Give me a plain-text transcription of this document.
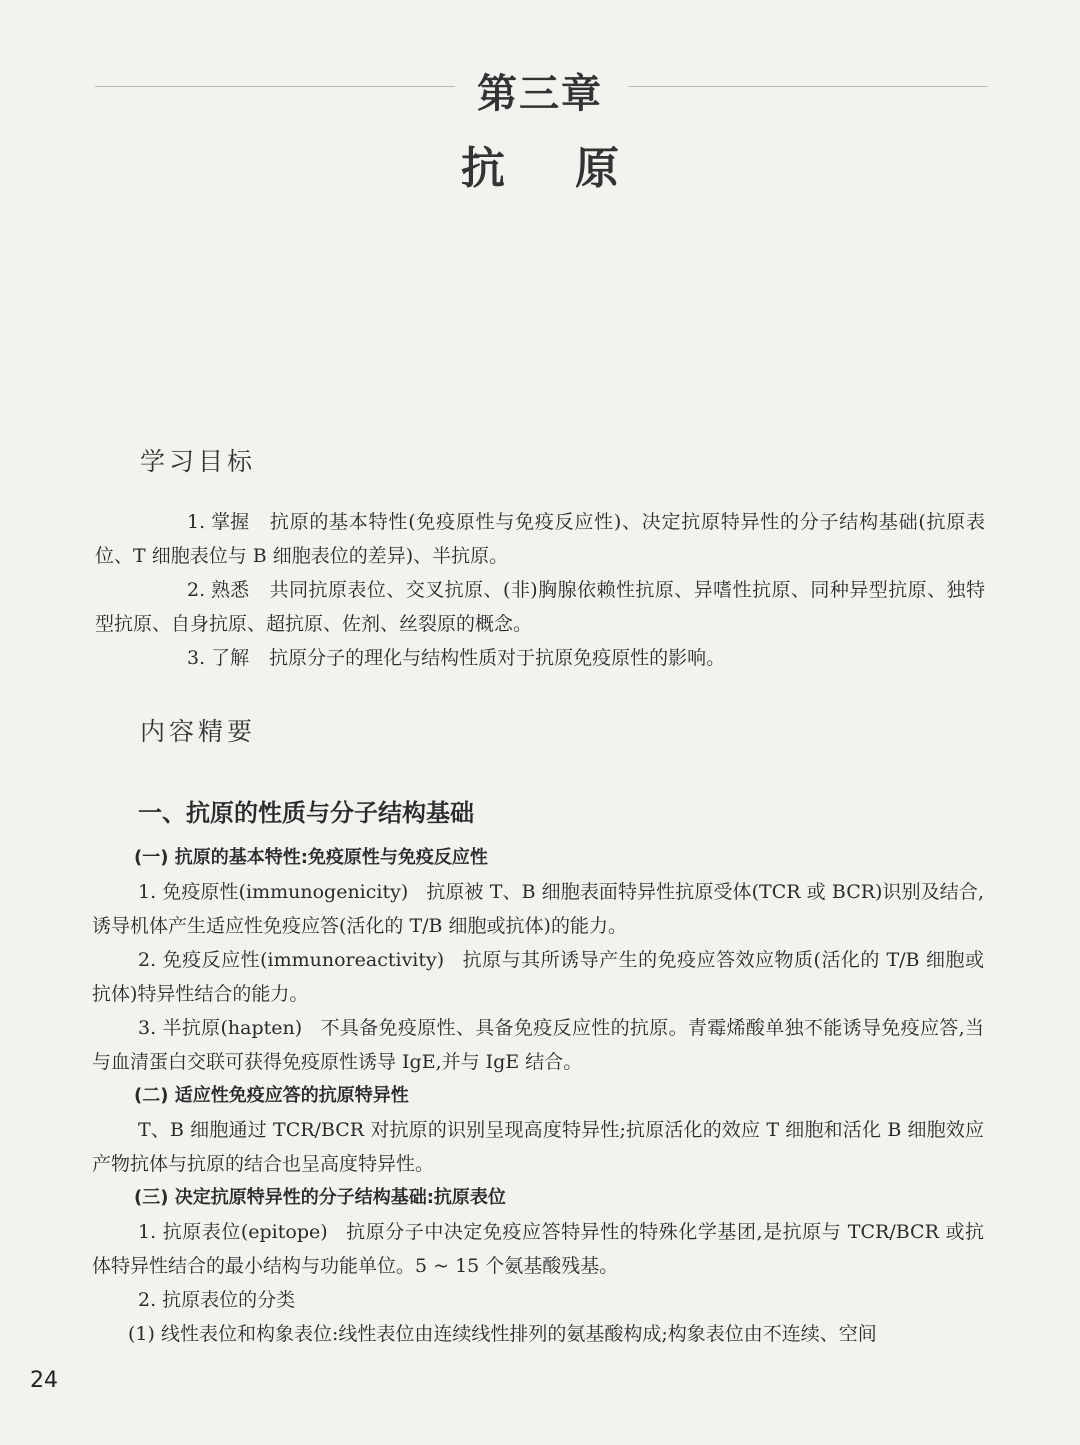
第三章
抗原
学习目标

1. 掌握 抗原的基本特性(免疫原性与免疫反应性)、决定抗原特异性的分子结构基础(抗原表位、T 细胞表位与 B 细胞表位的差异)、半抗原。

2. 熟悉 共同抗原表位、交叉抗原、(非)胸腺依赖性抗原、异嗜性抗原、同种异型抗原、独特型抗原、自身抗原、超抗原、佐剂、丝裂原的概念。

3. 了解 抗原分子的理化与结构性质对于抗原免疫原性的影响。

内容精要
一、抗原的性质与分子结构基础
(一) 抗原的基本特性:免疫原性与免疫反应性

1. 免疫原性(immunogenicity) 抗原被 T、B 细胞表面特异性抗原受体(TCR 或 BCR)识别及结合,诱导机体产生适应性免疫应答(活化的 T/B 细胞或抗体)的能力。

2. 免疫反应性(immunoreactivity) 抗原与其所诱导产生的免疫应答效应物质(活化的 T/B 细胞或抗体)特异性结合的能力。

3. 半抗原(hapten) 不具备免疫原性、具备免疫反应性的抗原。青霉烯酸单独不能诱导免疫应答,当与血清蛋白交联可获得免疫原性诱导 IgE,并与 IgE 结合。

(二) 适应性免疫应答的抗原特异性

T、B 细胞通过 TCR/BCR 对抗原的识别呈现高度特异性;抗原活化的效应 T 细胞和活化 B 细胞效应产物抗体与抗原的结合也呈高度特异性。

(三) 决定抗原特异性的分子结构基础:抗原表位

1. 抗原表位(epitope) 抗原分子中决定免疫应答特异性的特殊化学基团,是抗原与 TCR/BCR 或抗体特异性结合的最小结构与功能单位。5 ~ 15 个氨基酸残基。

2. 抗原表位的分类

(1) 线性表位和构象表位:线性表位由连续线性排列的氨基酸构成;构象表位由不连续、空间

24
